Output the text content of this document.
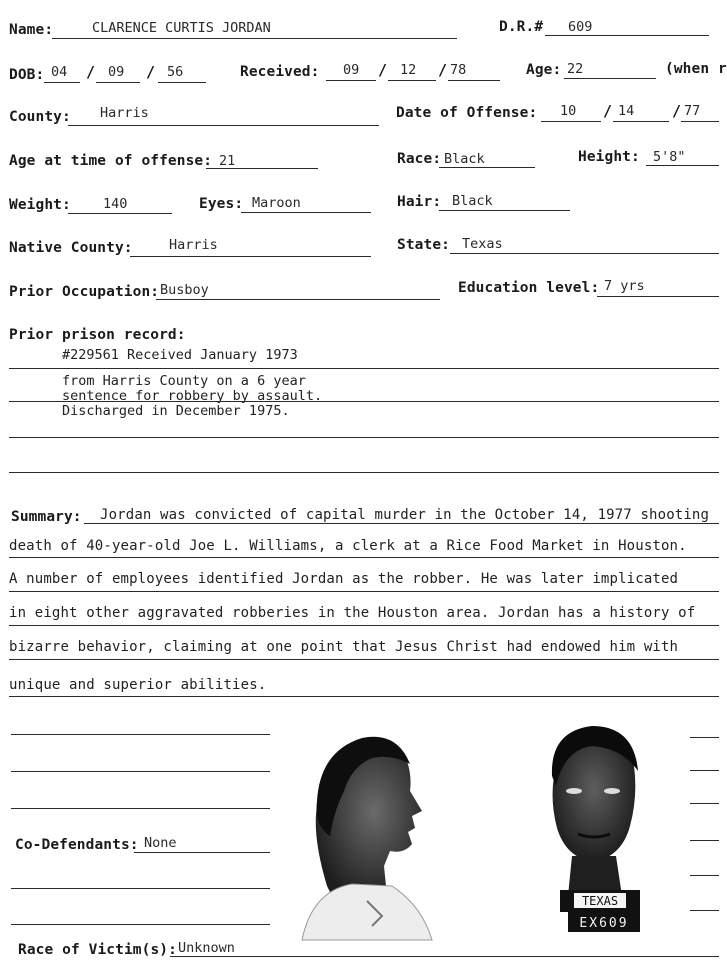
Name:	CLARENCE CURTIS JORDAN	D.R.# 609
DOB: 04 / 09 / 56	Received: 09 / 12 / 78	Age: 22	(when r
County: Harris	Date of Offense: 10 / 14	/ 77
Age at time of offense: 21	Race: Black	Height: 5'8"
Weight: 140	Eyes: Maroon	Hair: Black
Native County:	Harris	State: Texas
Prior Occupation: Busboy	Education level: 7 yrs
Prior prison record:
#229561 Received January 1973
from Harris County on a 6 year
sentence for robbery by assault.
Discharged in December 1975.
Summary: Jordan was convicted of capital murder in the October 14, 1977 shooting
death of 40-year-old Joe L. Williams, a clerk at a Rice Food Market in Houston.
A number of employees identified Jordan as the robber. He was later implicated
in eight other aggravated robberies in the Houston area. Jordan has a history of
bizarre behavior, claiming at one point that Jesus Christ had endowed him with
unique and superior abilities.
Co-Defendants: None
Race of Victim(s): Unknown
TEXAS
EX609
